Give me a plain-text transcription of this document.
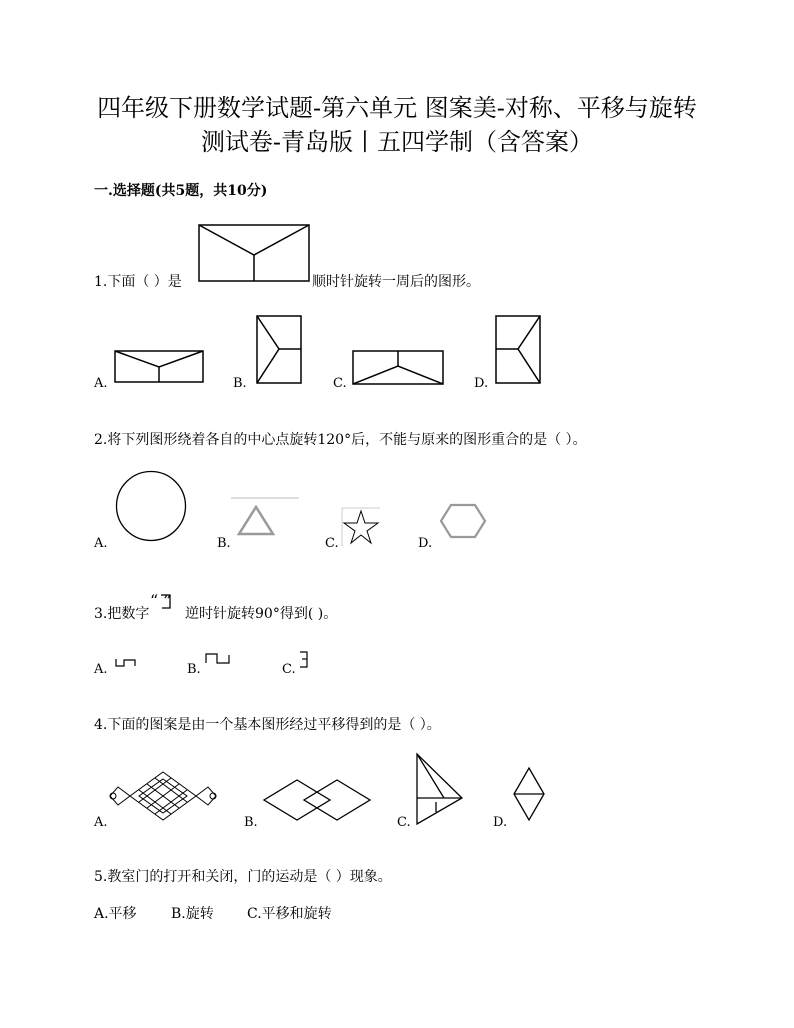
四年级下册数学试题-第六单元 图案美-对称、平移与旋转
测试卷-青岛版丨五四学制（含答案）
一.选择题(共5题，共10分)
1.下面（ ）是	顺时针旋转一周后的图形。
A.	B.	C.	D.
2.将下列图形绕着各自的中心点旋转120°后，不能与原来的图形重合的是（ ）。
A.	B.	C.	D.
3.把数字
“ ”
逆时针旋转90°得到( )。
A.	B.	C.
4.下面的图案是由一个基本图形经过平移得到的是（ ）。
A.	B.	C.	D.
5.教室门的打开和关闭，门的运动是（ ）现象。
A.平移 B.旋转 C.平移和旋转
